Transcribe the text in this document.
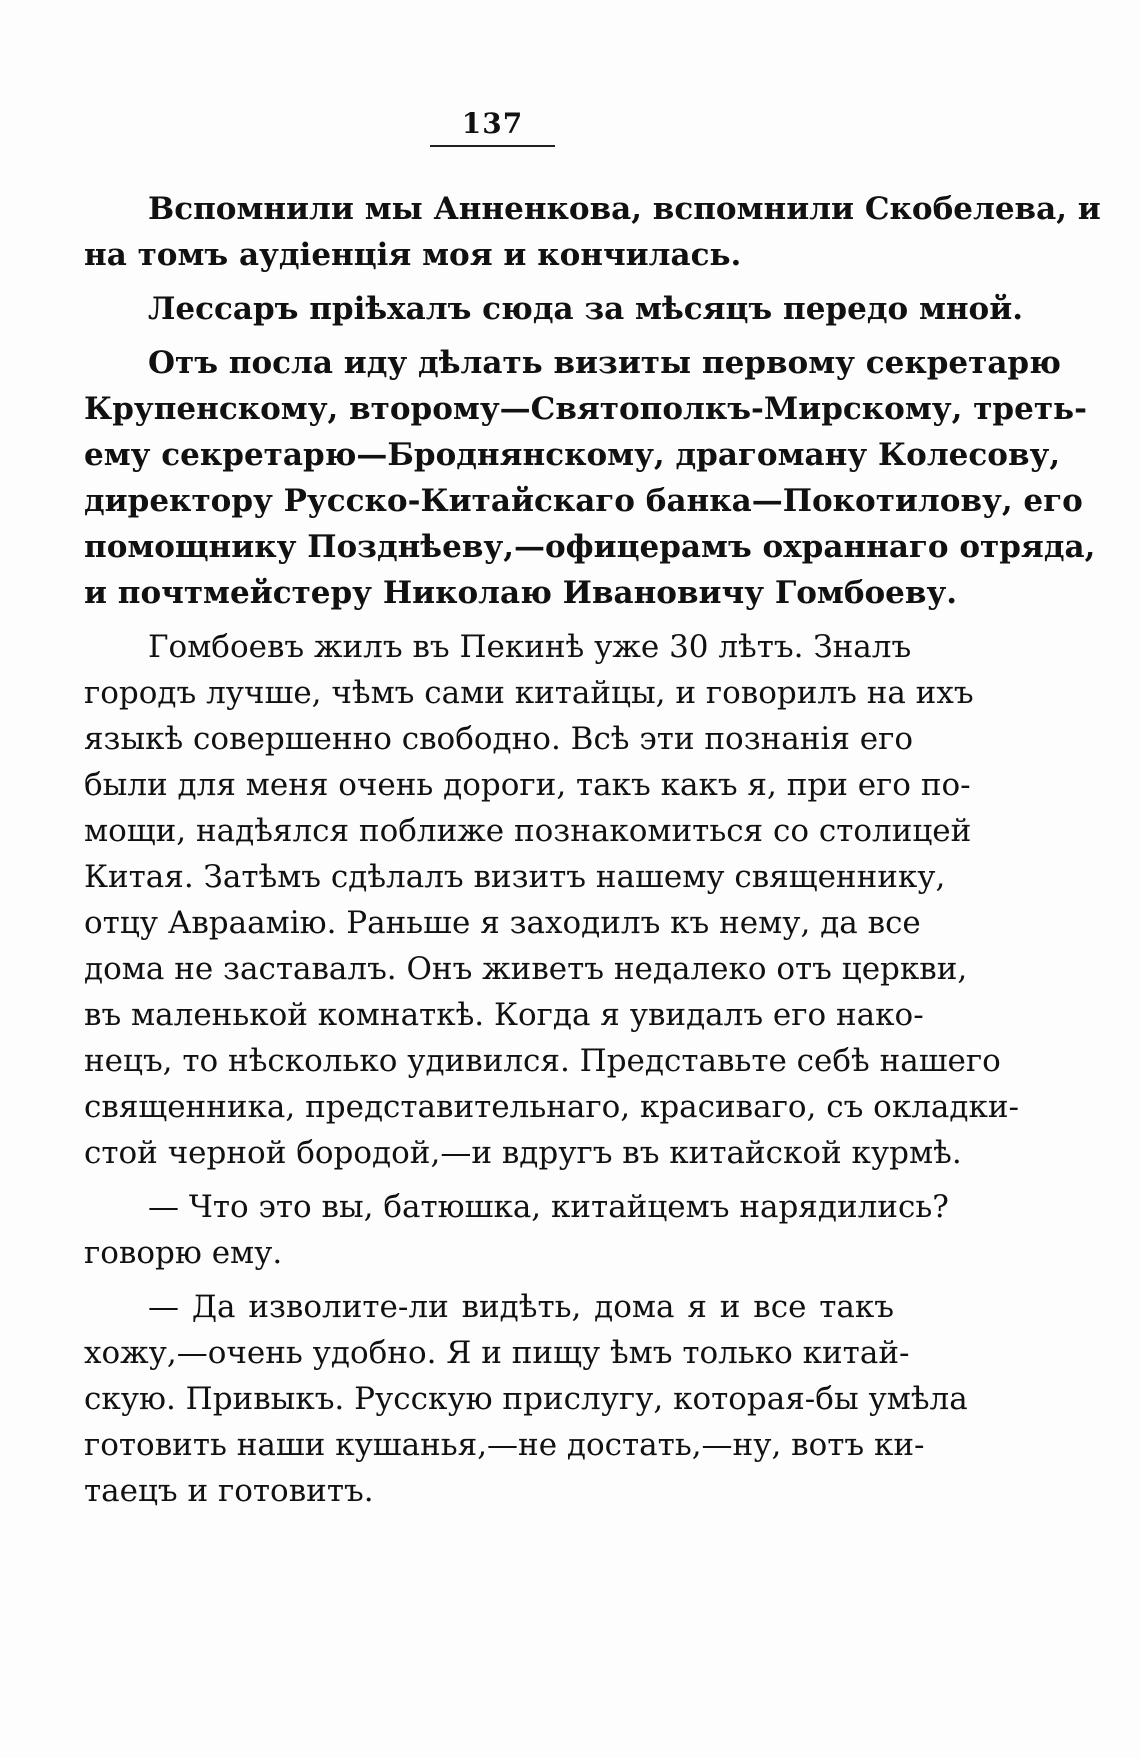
137
Вспомнили мы Анненкова, вспомнили Скобелева, и
на томъ аудіенція моя и кончилась.
Лессаръ пріѣхалъ сюда за мѣсяцъ передо мной.
Отъ посла иду дѣлать визиты первому секретарю
Крупенскому, второму—Святополкъ-Мирскому, треть-
ему секретарю—Броднянскому, драгоману Колесову,
директору Русско-Китайскаго банка—Покотилову, его
помощнику Позднѣеву,—офицерамъ охраннаго отряда,
и почтмейстеру Николаю Ивановичу Гомбоеву.
Гомбоевъ жилъ въ Пекинѣ уже 30 лѣтъ. Зналъ
городъ лучше, чѣмъ сами китайцы, и говорилъ на ихъ
языкѣ совершенно свободно. Всѣ эти познанія его
были для меня очень дороги, такъ какъ я, при его по-
мощи, надѣялся поближе познакомиться со столицей
Китая. Затѣмъ сдѣлалъ визитъ нашему священнику,
отцу Авраамію. Раньше я заходилъ къ нему, да все
дома не заставалъ. Онъ живетъ недалеко отъ церкви,
въ маленькой комнаткѣ. Когда я увидалъ его нако-
нецъ, то нѣсколько удивился. Представьте себѣ нашего
священника, представительнаго, красиваго, съ окладки-
стой черной бородой,—и вдругъ въ китайской курмѣ.
— Что это вы, батюшка, китайцемъ нарядились?
говорю ему.
— Да изволите-ли видѣть, дома я и все такъ
хожу,—очень удобно. Я и пищу ѣмъ только китай-
скую. Привыкъ. Русскую прислугу, которая-бы умѣла
готовить наши кушанья,—не достать,—ну, вотъ ки-
таецъ и готовитъ.
